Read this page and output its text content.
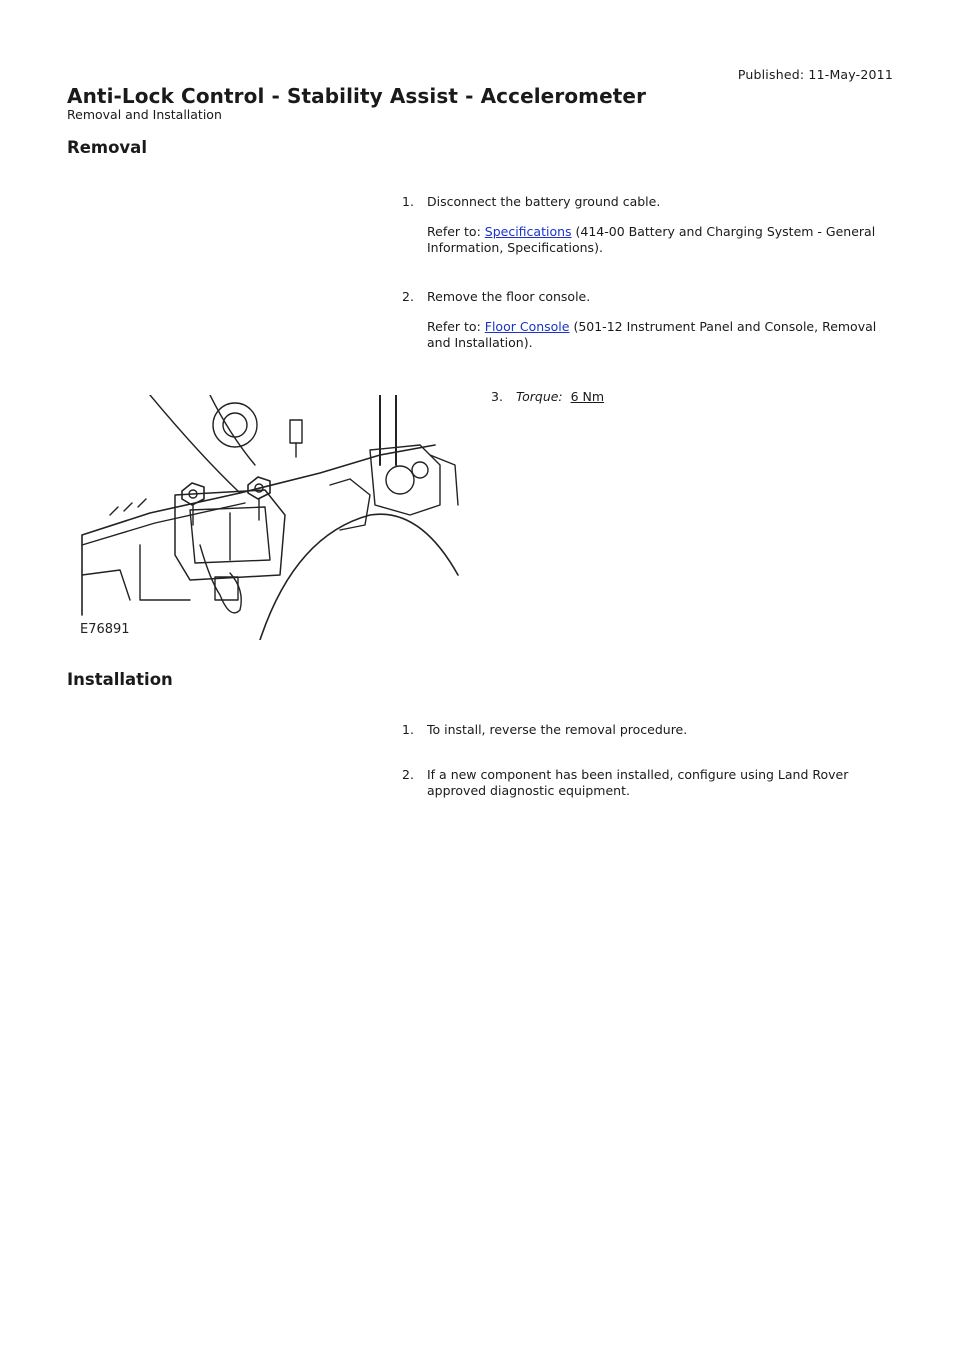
Published: 11-May-2011
Anti-Lock Control - Stability Assist - Accelerometer
Removal and Installation
Removal
1. Disconnect the battery ground cable.
Refer to: Specifications (414-00 Battery and Charging System - General Information, Specifications).
2. Remove the floor console.
Refer to: Floor Console (501-12 Instrument Panel and Console, Removal and Installation).
3. Torque: 6 Nm
E76891
Installation
1. To install, reverse the removal procedure.
2. If a new component has been installed, configure using Land Rover approved diagnostic equipment.
